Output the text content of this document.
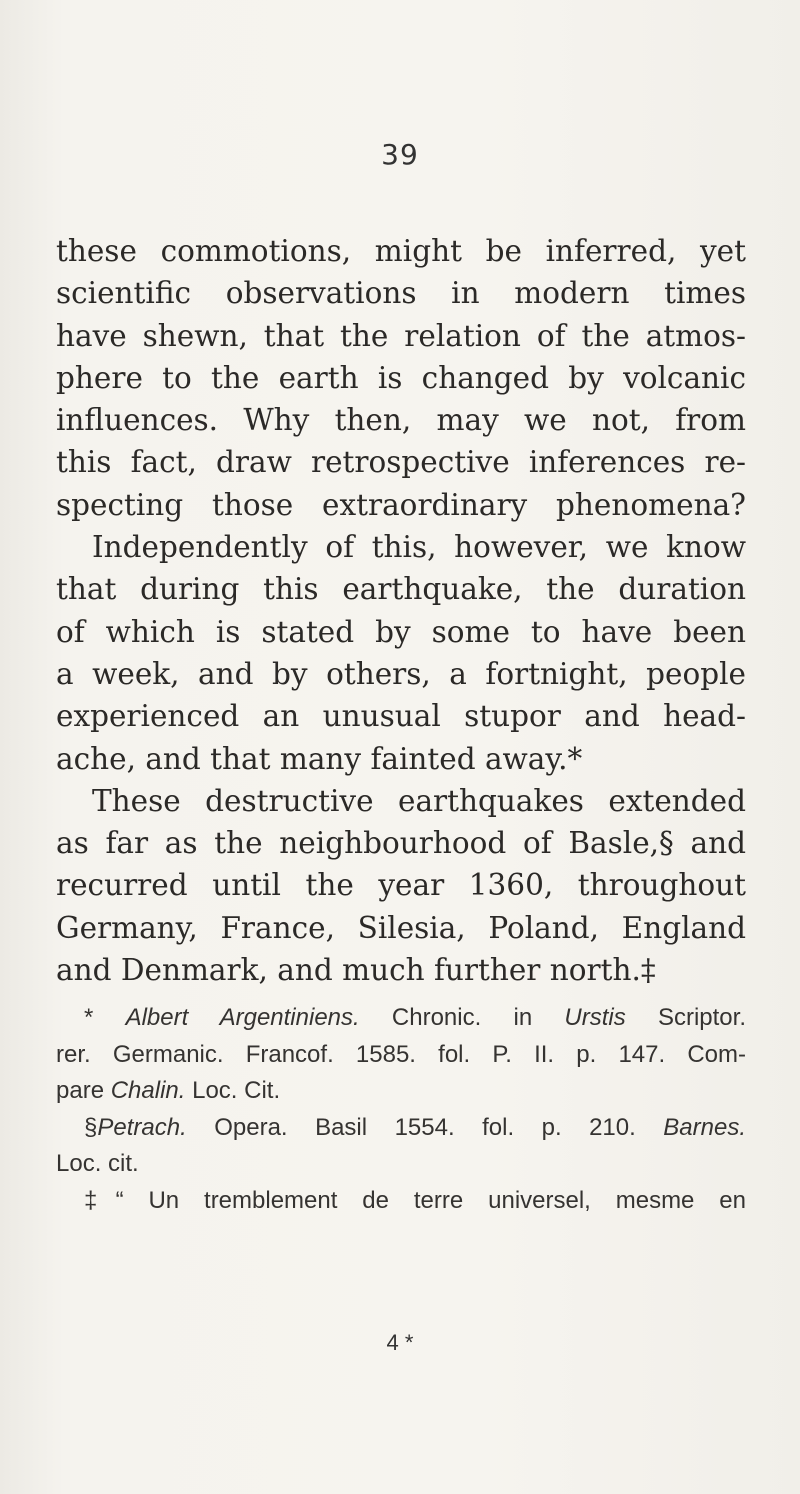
39
these commotions, might be inferred, yet
scientific observations in modern times
have shewn, that the relation of the atmos-
phere to the earth is changed by volcanic
influences. Why then, may we not, from
this fact, draw retrospective inferences re-
specting those extraordinary phenomena?
Independently of this, however, we know
that during this earthquake, the duration
of which is stated by some to have been
a week, and by others, a fortnight, people
experienced an unusual stupor and head-
ache, and that many fainted away.*
These destructive earthquakes extended
as far as the neighbourhood of Basle,§ and
recurred until the year 1360, throughout
Germany, France, Silesia, Poland, England
and Denmark, and much further north.‡
* Albert Argentiniens. Chronic. in Urstis Scriptor.
rer. Germanic. Francof. 1585. fol. P. II. p. 147. Com-
pare Chalin. Loc. Cit.
§Petrach. Opera. Basil 1554. fol. p. 210. Barnes.
Loc. cit.
‡“ Un tremblement de terre universel, mesme en
4 *
